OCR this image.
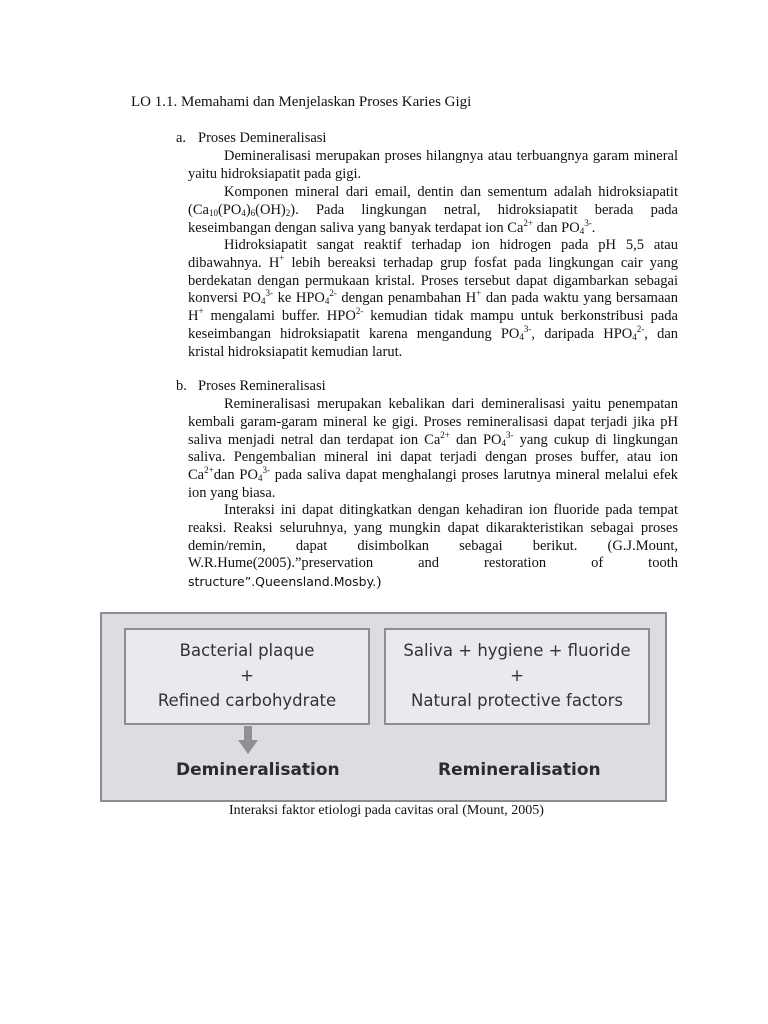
LO 1.1. Memahami dan Menjelaskan Proses Karies Gigi
a. Proses Demineralisasi

Demineralisasi merupakan proses hilangnya atau terbuangnya garam mineral yaitu hidroksiapatit pada gigi.

Komponen mineral dari email, dentin dan sementum adalah hidroksiapatit $(Ca_{10}(PO_4)_6(OH)_2)$. Pada lingkungan netral, hidroksiapatit berada pada keseimbangan dengan saliva yang banyak terdapat ion $Ca^{2+}$ dan $PO_4^{3-}$.

Hidroksiapatit sangat reaktif terhadap ion hidrogen pada pH 5,5 atau dibawahnya. H+ lebih bereaksi terhadap grup fosfat pada lingkungan cair yang berdekatan dengan permukaan kristal. Proses tersebut dapat digambarkan sebagai konversi $PO_4^{3-}$ ke $HPO_4^{2-}$ dengan penambahan H+ dan pada waktu yang bersamaan H+ mengalami buffer. $HPO^{2-}$ kemudian tidak mampu untuk berkonstribusi pada keseimbangan hidroksiapatit karena mengandung $PO_4^{3-}$, daripada $HPO_4^{2-}$, dan kristal hidroksiapatit kemudian larut.

b. Proses Remineralisasi

Remineralisasi merupakan kebalikan dari demineralisasi yaitu penempatan kembali garam-garam mineral ke gigi. Proses remineralisasi dapat terjadi jika pH saliva menjadi netral dan terdapat ion $Ca^{2+}$ dan $PO_4^{3-}$ yang cukup di lingkungan saliva. Pengembalian mineral ini dapat terjadi dengan proses buffer, atau ion $Ca^{2+}dan$ $PO_4^{3-}$ pada saliva dapat menghalangi proses larutnya mineral melalui efek ion yang biasa.

Interaksi ini dapat ditingkatkan dengan kehadiran ion fluoride pada tempat reaksi. Reaksi seluruhnya, yang mungkin dapat dikarakteristikan sebagai proses demin/remin, dapat disimbolkan sebagai berikut. (G.J.Mount, W.R.Hume(2005).”preservation and restoration of tooth structure”.Queensland.Mosby.)

Bacterial plaque
+
Refined carbohydrate
Saliva + hygiene + fluoride
+
Natural protective factors
Demineralisation	Remineralisation
Interaksi faktor etiologi pada cavitas oral (Mount, 2005)
